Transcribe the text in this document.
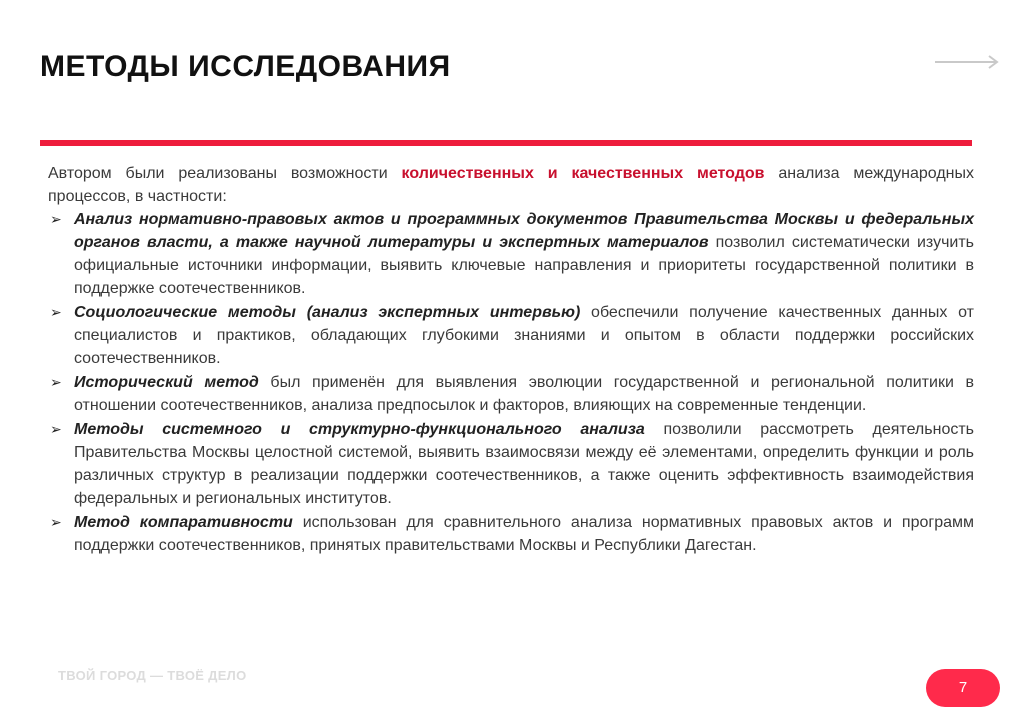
МЕТОДЫ ИССЛЕДОВАНИЯ

Автором были реализованы возможности количественных и качественных методов анализа международных процессов, в частности:

➢ Анализ нормативно-правовых актов и программных документов Правительства Москвы и федеральных органов власти, а также научной литературы и экспертных материалов позволил систематически изучить официальные источники информации, выявить ключевые направления и приоритеты государственной политики в поддержке соотечественников.
➢ Социологические методы (анализ экспертных интервью) обеспечили получение качественных данных от специалистов и практиков, обладающих глубокими знаниями и опытом в области поддержки российских соотечественников.
➢ Исторический метод был применён для выявления эволюции государственной и региональной политики в отношении соотечественников, анализа предпосылок и факторов, влияющих на современные тенденции.
➢ Методы системного и структурно-функционального анализа позволили рассмотреть деятельность Правительства Москвы целостной системой, выявить взаимосвязи между её элементами, определить функции и роль различных структур в реализации поддержки соотечественников, а также оценить эффективность взаимодействия федеральных и региональных институтов.
➢ Метод компаративности использован для сравнительного анализа нормативных правовых актов и программ поддержки соотечественников, принятых правительствами Москвы и Республики Дагестан.
ТВОЙ ГОРОД — ТВОЁ ДЕЛО
7
